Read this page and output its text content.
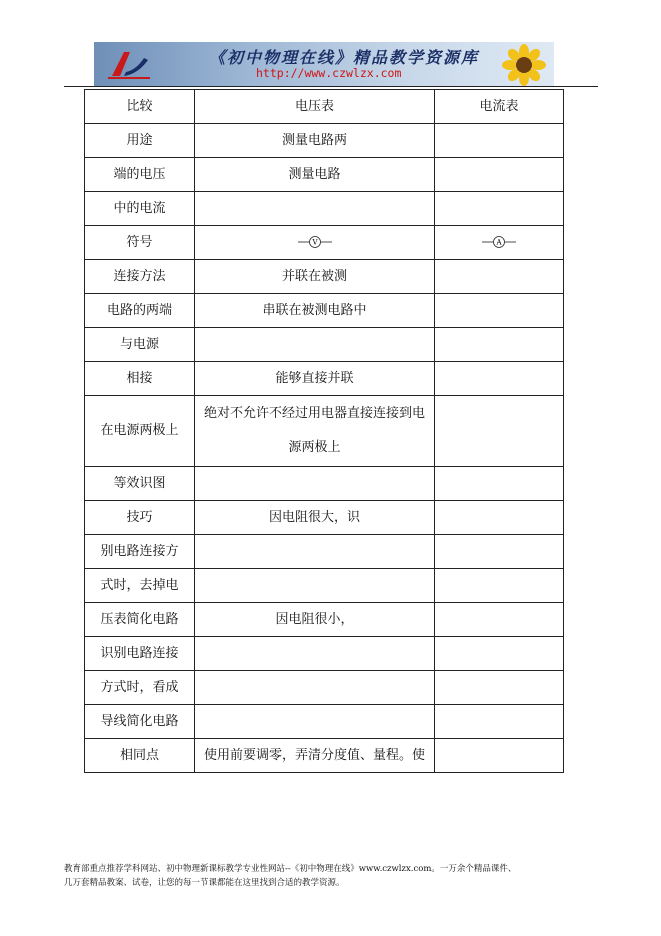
《初中物理在线》精品教学资源库
http://www.czwlzx.com
比较	电压表	电流表
用途	测量电路两	
端的电压	测量电路	
中的电流		
符号	V	A

连接方法	并联在被测	
电路的两端	串联在被测电路中	
与电源		
相接	能够直接并联	
在电源两极上	绝对不允许不经过用电器直接连接到电源两极上	

等效识图		
技巧	因电阻很大，识	
别电路连接方		
式时，去掉电		
压表简化电路	因电阻很小，	
识别电路连接		
方式时，看成		
导线简化电路		
相同点	使用前要调零，弄清分度值、量程。使	
教育部重点推荐学科网站、初中物理新课标教学专业性网站--《初中物理在线》www.czwlzx.com。一万余个精品课件、
几万套精品教案、试卷，让您的每一节课都能在这里找到合适的教学资源。
